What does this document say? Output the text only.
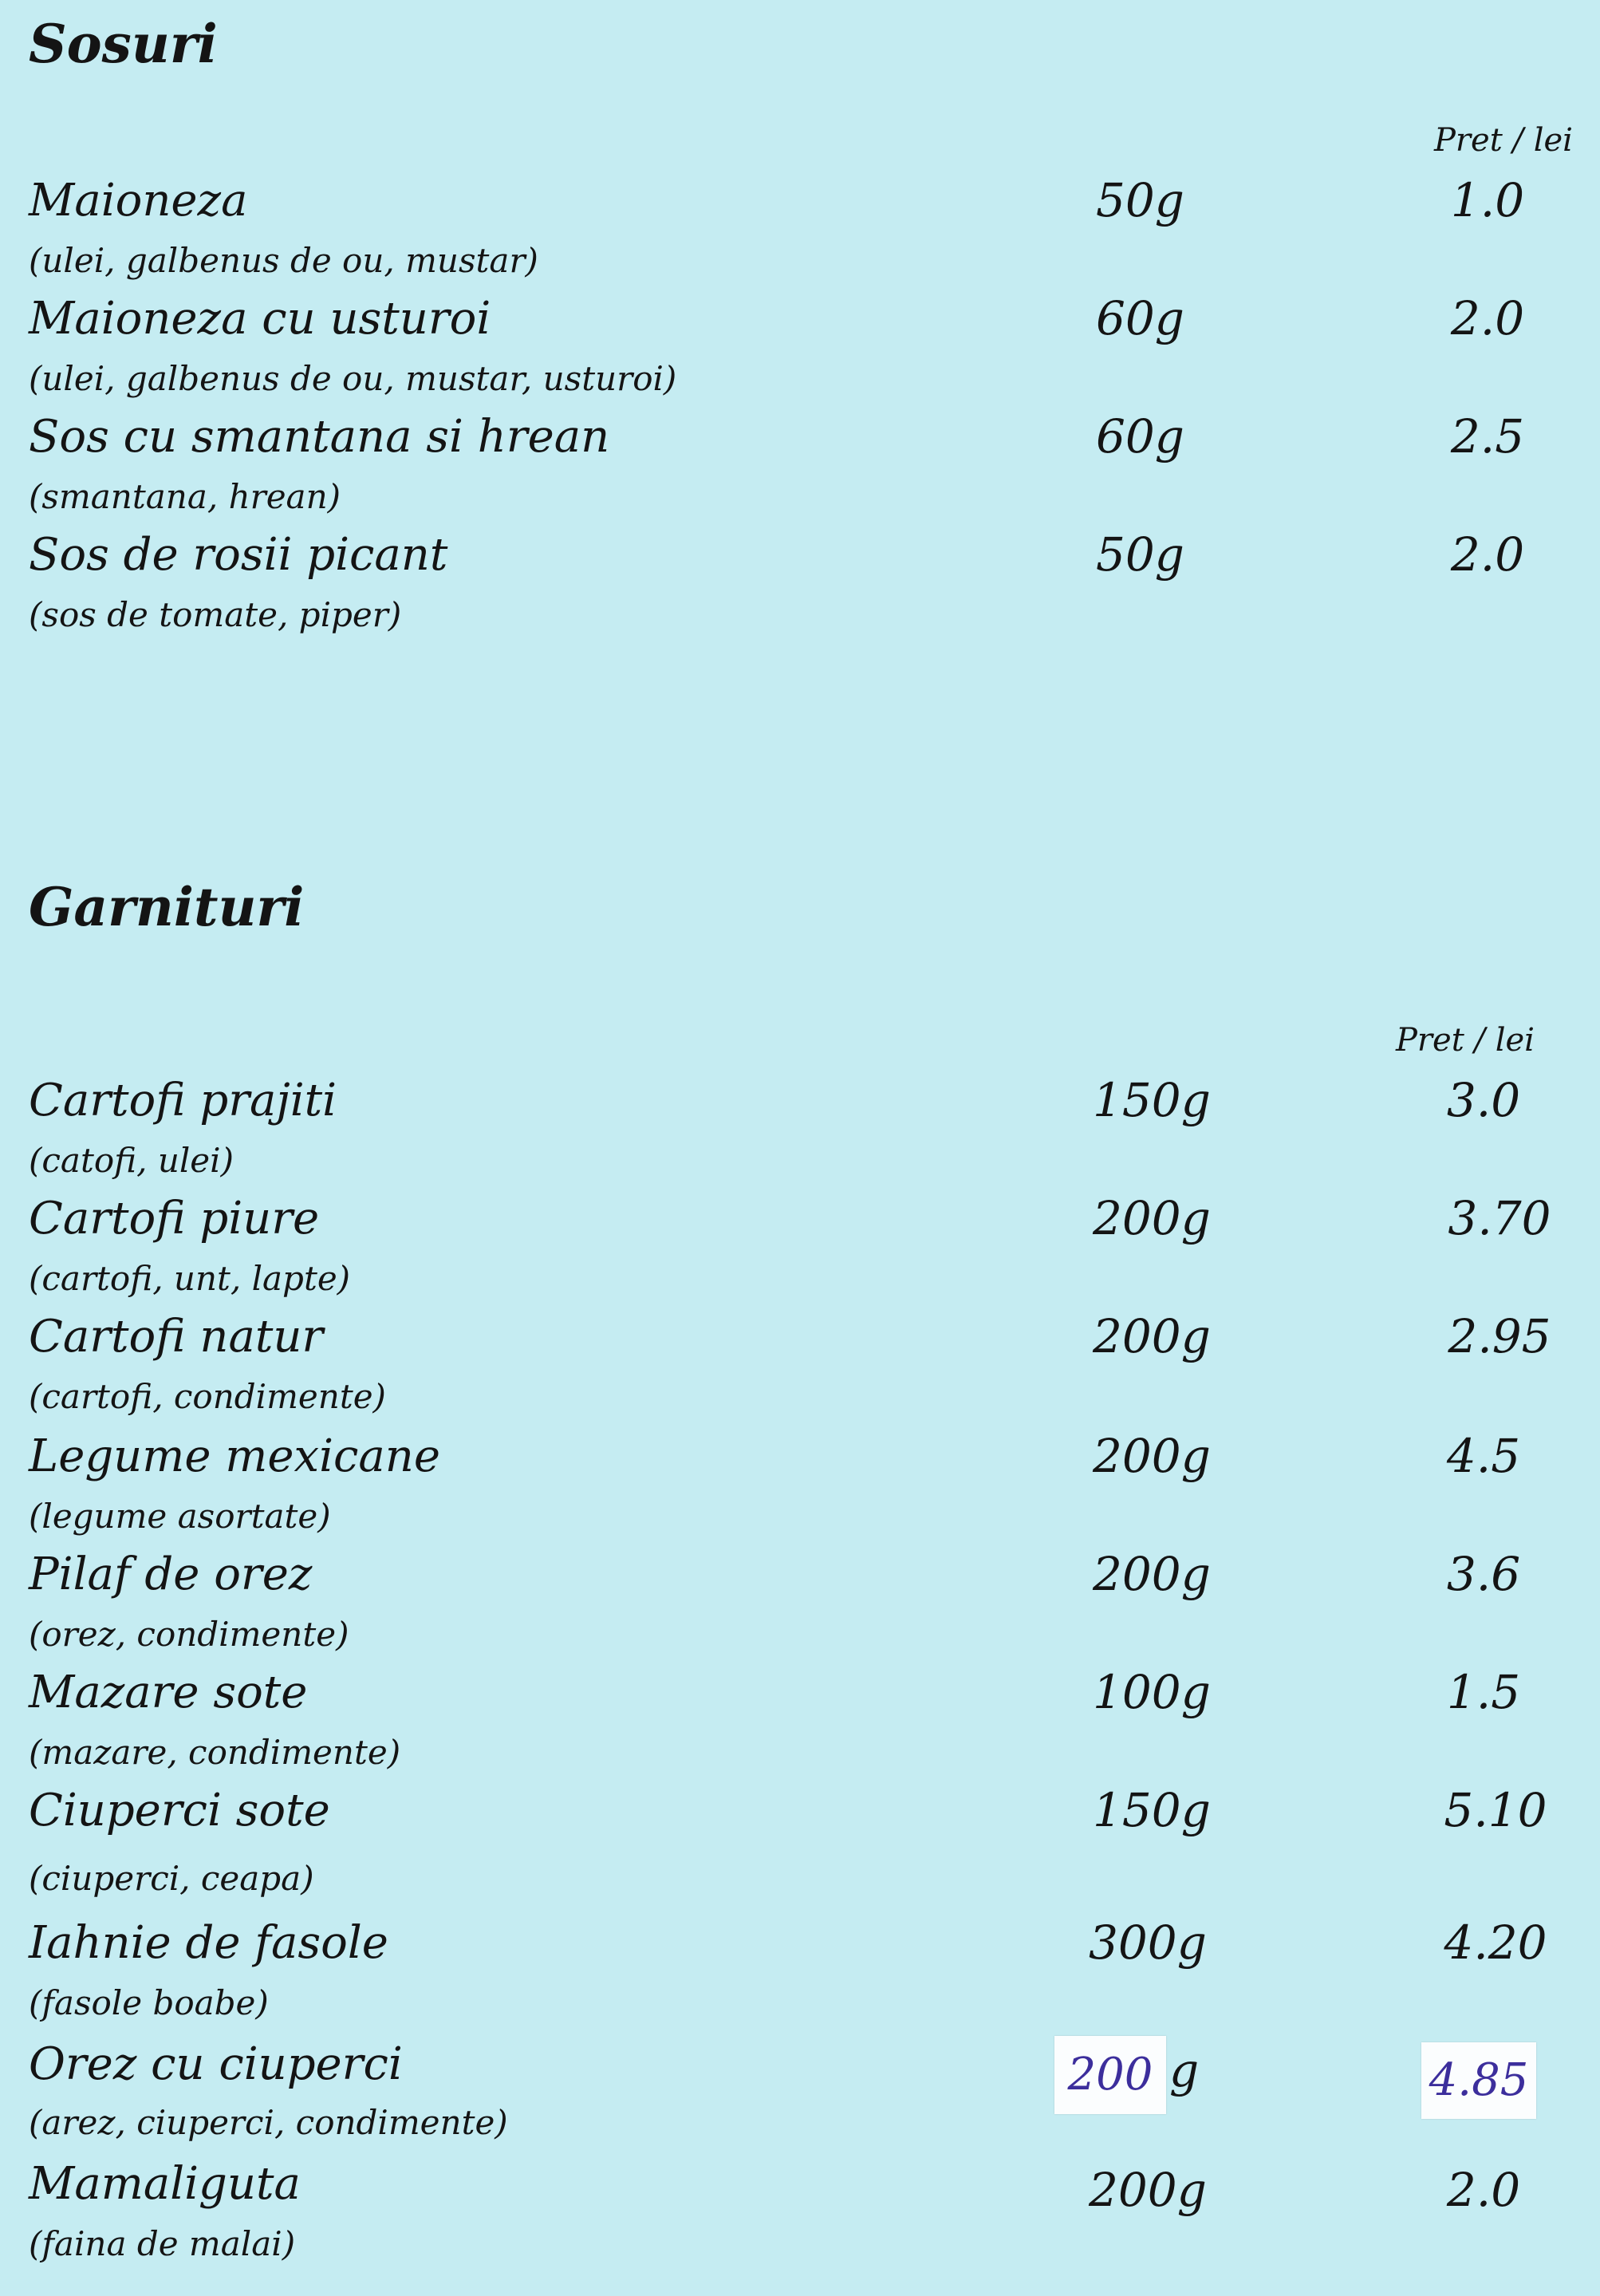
Sosuri
Pret / lei
Maioneza	50g	1.0
(ulei, galbenus de ou, mustar)
Maioneza cu usturoi	60g	2.0
(ulei, galbenus de ou, mustar, usturoi)
Sos cu smantana si hrean	60g	2.5
(smantana, hrean)
Sos de rosii picant	50g	2.0
(sos de tomate, piper)
Garnituri
Pret / lei
Cartofi prajiti	150g	3.0
(catofi, ulei)
Cartofi piure	200g	3.70
(cartofi, unt, lapte)
Cartofi natur	200g	2.95
(cartofi, condimente)
Legume mexicane	200g	4.5
(legume asortate)
Pilaf de orez	200g	3.6
(orez, condimente)
Mazare sote	100g	1.5
(mazare, condimente)
Ciuperci sote	150g	5.10
(ciuperci, ceapa)
Iahnie de fasole	300g	4.20
(fasole boabe)
Orez cu ciuperci	200 g	4.85
(arez, ciuperci, condimente)
Mamaliguta	200g	2.0
(faina de malai)
